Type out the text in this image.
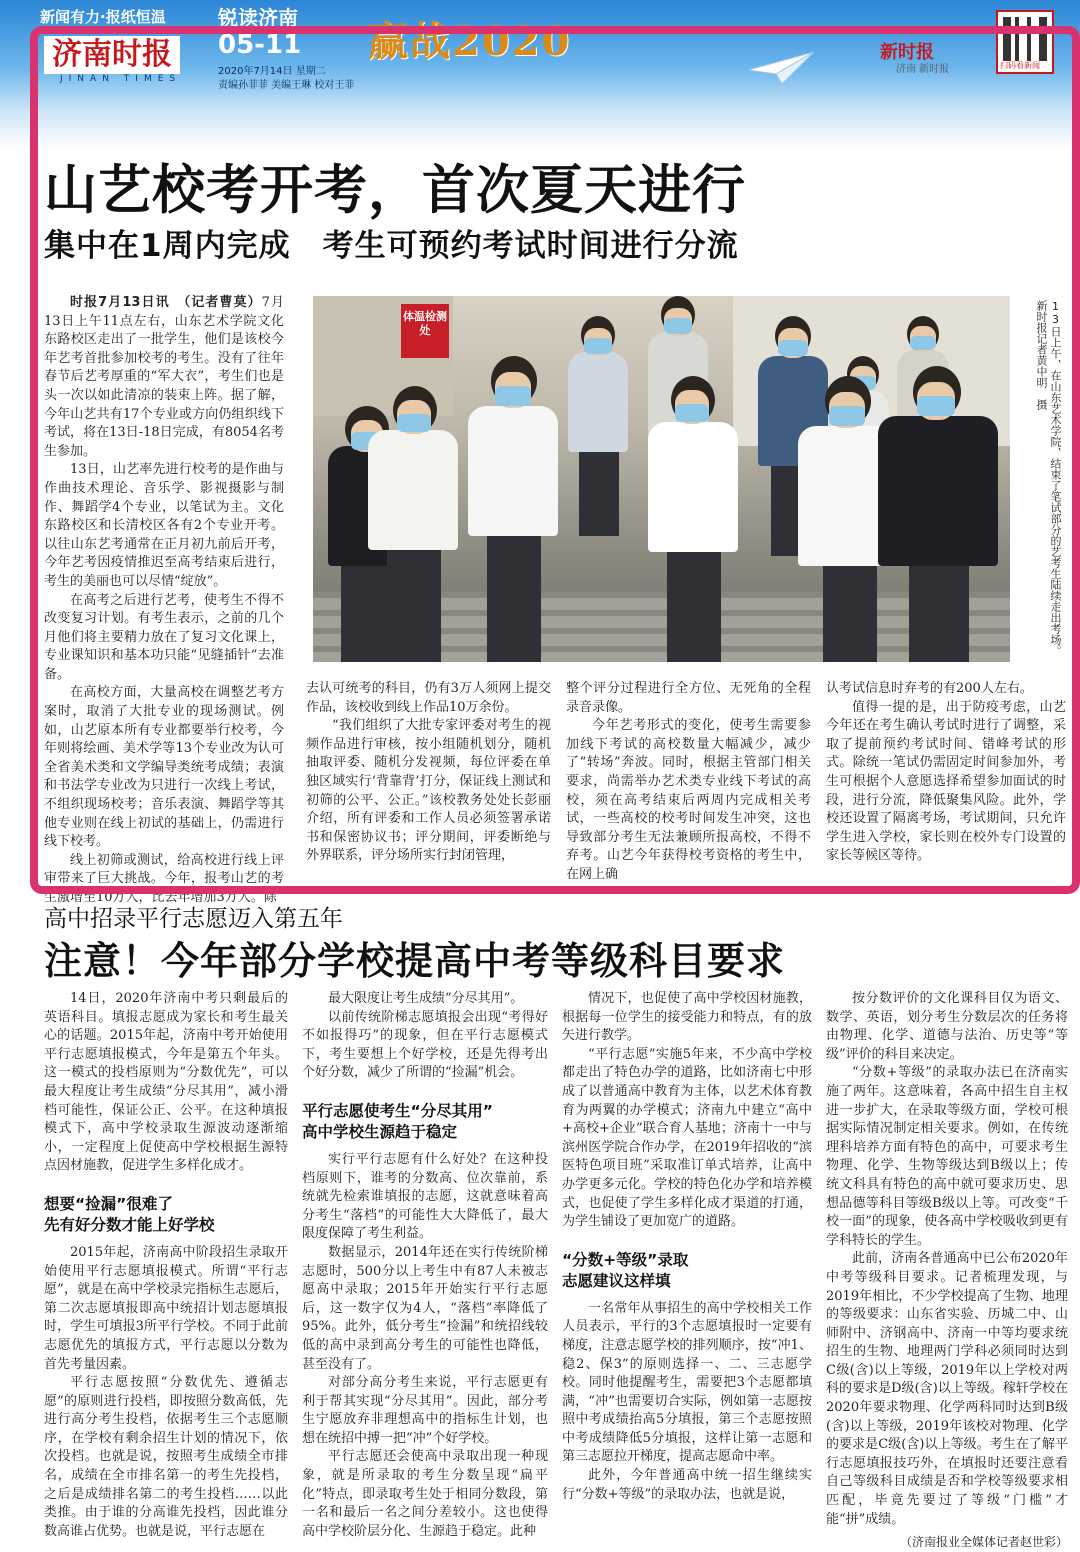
新闻有力·报纸恒温	锐读济南
济南时报
JINAN TIMES
05-11
2020年7月14日 星期二
责编孙菲菲 美编王琳 校对王菲
赢战2020	新时报
济南 新时报	扫码看新闻
山艺校考开考，首次夏天进行
集中在1周内完成　考生可预约考试时间进行分流

时报7月13日讯　（记者曹莫）7月13日上午11点左右，山东艺术学院文化东路校区走出了一批学生，他们是该校今年艺考首批参加校考的考生。没有了往年春节后艺考厚重的“军大衣”，考生们也是头一次以如此清凉的装束上阵。据了解，今年山艺共有17个专业或方向仍组织线下考试，将在13日-18日完成，有8054名考生参加。

13日，山艺率先进行校考的是作曲与作曲技术理论、音乐学、影视摄影与制作、舞蹈学4个专业，以笔试为主。文化东路校区和长清校区各有2个专业开考。以往山东艺考通常在正月初九前后开考，今年艺考因疫情推迟至高考结束后进行，考生的美丽也可以尽情“绽放”。

在高考之后进行艺考，使考生不得不改变复习计划。有考生表示，之前的几个月他们将主要精力放在了复习文化课上，专业课知识和基本功只能“见缝插针”去准备。

在高校方面，大量高校在调整艺考方案时，取消了大批专业的现场测试。例如，山艺原本所有专业都要举行校考，今年则将绘画、美术学等13个专业改为认可全省美术类和文学编导类统考成绩；表演和书法学专业改为只进行一次线上考试，不组织现场校考；音乐表演、舞蹈学等其他专业则在线上初试的基础上，仍需进行线下校考。

线上初筛或测试，给高校进行线上评审带来了巨大挑战。今年，报考山艺的考生激增至10万人，比去年增加3万人。除

体温检测处	13日上午，在山东艺术学院，结束了笔试部分的艺考生陆续走出考场。新时报记者黄中明　摄

去认可统考的科目，仍有3万人须网上提交作品，该校收到线上作品10万余份。

“我们组织了大批专家评委对考生的视频作品进行审核，按小组随机划分，随机抽取评委、随机分发视频，每位评委在单独区域实行‘背靠背’打分，保证线上测试和初筛的公平、公正。”该校教务处处长彭丽介绍，所有评委和工作人员必须签署承诺书和保密协议书；评分期间，评委断绝与外界联系，评分场所实行封闭管理，

整个评分过程进行全方位、无死角的全程录音录像。

今年艺考形式的变化，使考生需要参加线下考试的高校数量大幅减少，减少了“转场”奔波。同时，根据主管部门相关要求，尚需举办艺术类专业线下考试的高校，须在高考结束后两周内完成相关考试，一些高校的校考时间发生冲突，这也导致部分考生无法兼顾所报高校，不得不弃考。山艺今年获得校考资格的考生中，在网上确

认考试信息时弃考的有200人左右。

值得一提的是，出于防疫考虑，山艺今年还在考生确认考试时进行了调整，采取了提前预约考试时间、错峰考试的形式。除统一笔试仍需固定时间参加外，考生可根据个人意愿选择希望参加面试的时段，进行分流，降低聚集风险。此外，学校还设置了隔离考场，考试期间，只允许学生进入学校，家长则在校外专门设置的家长等候区等待。

高中招录平行志愿迈入第五年
注意！今年部分学校提高中考等级科目要求

14日，2020年济南中考只剩最后的英语科目。填报志愿成为家长和考生最关心的话题。2015年起，济南中考开始使用平行志愿填报模式，今年是第五个年头。这一模式的投档原则为“分数优先”，可以最大程度让考生成绩“分尽其用”，减小滑档可能性，保证公正、公平。在这种填报模式下，高中学校录取生源波动逐渐缩小，一定程度上促使高中学校根据生源特点因材施教，促进学生多样化成才。

想要“捡漏”很难了
先有好分数才能上好学校

2015年起，济南高中阶段招生录取开始使用平行志愿填报模式。所谓“平行志愿”，就是在高中学校录完指标生志愿后，第二次志愿填报即高中统招计划志愿填报时，学生可填报3所平行学校。不同于此前志愿优先的填报方式，平行志愿以分数为首先考量因素。

平行志愿按照“分数优先、遵循志愿”的原则进行投档，即按照分数高低，先进行高分考生投档，依据考生三个志愿顺序，在学校有剩余招生计划的情况下，依次投档。也就是说，按照考生成绩全市排名，成绩在全市排名第一的考生先投档，之后是成绩排名第二的考生投档……以此类推。由于谁的分高谁先投档，因此谁分数高谁占优势。也就是说，平行志愿在

最大限度让考生成绩“分尽其用”。

以前传统阶梯志愿填报会出现“考得好不如报得巧”的现象，但在平行志愿模式下，考生要想上个好学校，还是先得考出个好分数，减少了所谓的“捡漏”机会。

平行志愿使考生“分尽其用”
高中学校生源趋于稳定

实行平行志愿有什么好处？在这种投档原则下，谁考的分数高、位次靠前，系统就先检索谁填报的志愿，这就意味着高分考生“落档”的可能性大大降低了，最大限度保障了考生利益。

数据显示，2014年还在实行传统阶梯志愿时，500分以上考生中有87人未被志愿高中录取；2015年开始实行平行志愿后，这一数字仅为4人，“落档”率降低了95%。此外，低分考生“捡漏”和统招线较低的高中录到高分考生的可能性也降低，甚至没有了。

对部分高分考生来说，平行志愿更有利于帮其实现“分尽其用”。因此，部分考生宁愿放弃非理想高中的指标生计划，也想在统招中搏一把“冲”个好学校。

平行志愿还会使高中录取出现一种现象，就是所录取的考生分数呈现“扁平化”特点，即录取考生处于相同分数段，第一名和最后一名之间分差较小。这也使得高中学校阶层分化、生源趋于稳定。此种

情况下，也促使了高中学校因材施教，根据每一位学生的接受能力和特点，有的放矢进行教学。

“平行志愿”实施5年来，不少高中学校都走出了特色办学的道路，比如济南七中形成了以普通高中教育为主体，以艺术体育教育为两翼的办学模式；济南九中建立“高中+高校+企业”联合育人基地；济南十一中与滨州医学院合作办学，在2019年招收的“滨医特色项目班”采取准订单式培养，让高中办学更多元化。学校的特色化办学和培养模式，也促使了学生多样化成才渠道的打通，为学生铺设了更加宽广的道路。

“分数+等级”录取
志愿建议这样填

一名常年从事招生的高中学校相关工作人员表示，平行的3个志愿填报时一定要有梯度，注意志愿学校的排列顺序，按“冲1、稳2、保3”的原则选择一、二、三志愿学校。同时他提醒考生，需要把3个志愿都填满，“冲”也需要切合实际，例如第一志愿按照中考成绩抬高5分填报，第三个志愿按照中考成绩降低5分填报，这样让第一志愿和第三志愿拉开梯度，提高志愿命中率。

此外，今年普通高中统一招生继续实行“分数+等级”的录取办法，也就是说，

按分数评价的文化课科目仅为语文、数学、英语，划分考生分数层次的任务将由物理、化学、道德与法治、历史等“等级”评价的科目来决定。

“分数+等级”的录取办法已在济南实施了两年。这意味着，各高中招生自主权进一步扩大，在录取等级方面，学校可根据实际情况制定相关要求。例如，在传统理科培养方面有特色的高中，可要求考生物理、化学、生物等级达到B级以上；传统文科具有特色的高中就可要求历史、思想品德等科目等级B级以上等。可改变“千校一面”的现象，使各高中学校吸收到更有学科特长的学生。

此前，济南各普通高中已公布2020年中考等级科目要求。记者梳理发现，与2019年相比，不少学校提高了生物、地理的等级要求：山东省实验、历城二中、山师附中、济钢高中、济南一中等均要求统招生的生物、地理两门学科必须同时达到C级(含)以上等级，2019年以上学校对两科的要求是D级(含)以上等级。稼轩学校在2020年要求物理、化学两科同时达到B级(含)以上等级，2019年该校对物理、化学的要求是C级(含)以上等级。考生在了解平行志愿填报技巧外，在填报时还要注意看自己等级科目成绩是否和学校等级要求相匹配，毕竟先要过了等级“门槛”才能“拼”成绩。

（济南报业全媒体记者赵世彩）
